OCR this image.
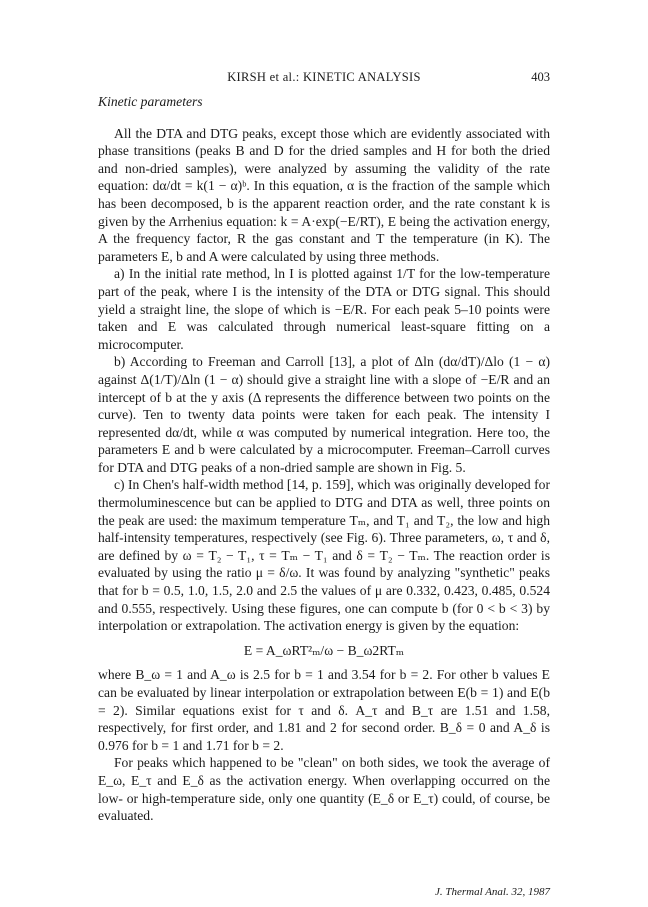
KIRSH et al.: KINETIC ANALYSIS	403

Kinetic parameters

All the DTA and DTG peaks, except those which are evidently associated with phase transitions (peaks B and D for the dried samples and H for both the dried and non-dried samples), were analyzed by assuming the validity of the rate equation: dα/dt = k(1 − α)ᵇ. In this equation, α is the fraction of the sample which has been decomposed, b is the apparent reaction order, and the rate constant k is given by the Arrhenius equation: k = A·exp(−E/RT), E being the activation energy, A the frequency factor, R the gas constant and T the temperature (in K). The parameters E, b and A were calculated by using three methods.

a) In the initial rate method, ln I is plotted against 1/T for the low-temperature part of the peak, where I is the intensity of the DTA or DTG signal. This should yield a straight line, the slope of which is −E/R. For each peak 5–10 points were taken and E was calculated through numerical least-square fitting on a microcomputer.

b) According to Freeman and Carroll [13], a plot of Δln (dα/dT)/Δlo (1 − α) against Δ(1/T)/Δln (1 − α) should give a straight line with a slope of −E/R and an intercept of b at the y axis (Δ represents the difference between two points on the curve). Ten to twenty data points were taken for each peak. The intensity I represented dα/dt, while α was computed by numerical integration. Here too, the parameters E and b were calculated by a microcomputer. Freeman–Carroll curves for DTA and DTG peaks of a non-dried sample are shown in Fig. 5.

c) In Chen's half-width method [14, p. 159], which was originally developed for thermoluminescence but can be applied to DTG and DTA as well, three points on the peak are used: the maximum temperature Tₘ, and T₁ and T₂, the low and high half-intensity temperatures, respectively (see Fig. 6). Three parameters, ω, τ and δ, are defined by ω = T₂ − T₁, τ = Tₘ − T₁ and δ = T₂ − Tₘ. The reaction order is evaluated by using the ratio μ = δ/ω. It was found by analyzing "synthetic" peaks that for b = 0.5, 1.0, 1.5, 2.0 and 2.5 the values of μ are 0.332, 0.423, 0.485, 0.524 and 0.555, respectively. Using these figures, one can compute b (for 0 < b < 3) by interpolation or extrapolation. The activation energy is given by the equation:

E = A_ωRT²ₘ/ω − B_ω2RTₘ

where B_ω = 1 and A_ω is 2.5 for b = 1 and 3.54 for b = 2. For other b values E can be evaluated by linear interpolation or extrapolation between E(b = 1) and E(b = 2). Similar equations exist for τ and δ. A_τ and B_τ are 1.51 and 1.58, respectively, for first order, and 1.81 and 2 for second order. B_δ = 0 and A_δ is 0.976 for b = 1 and 1.71 for b = 2.

For peaks which happened to be "clean" on both sides, we took the average of E_ω, E_τ and E_δ as the activation energy. When overlapping occurred on the low- or high-temperature side, only one quantity (E_δ or E_τ) could, of course, be evaluated.

J. Thermal Anal. 32, 1987
